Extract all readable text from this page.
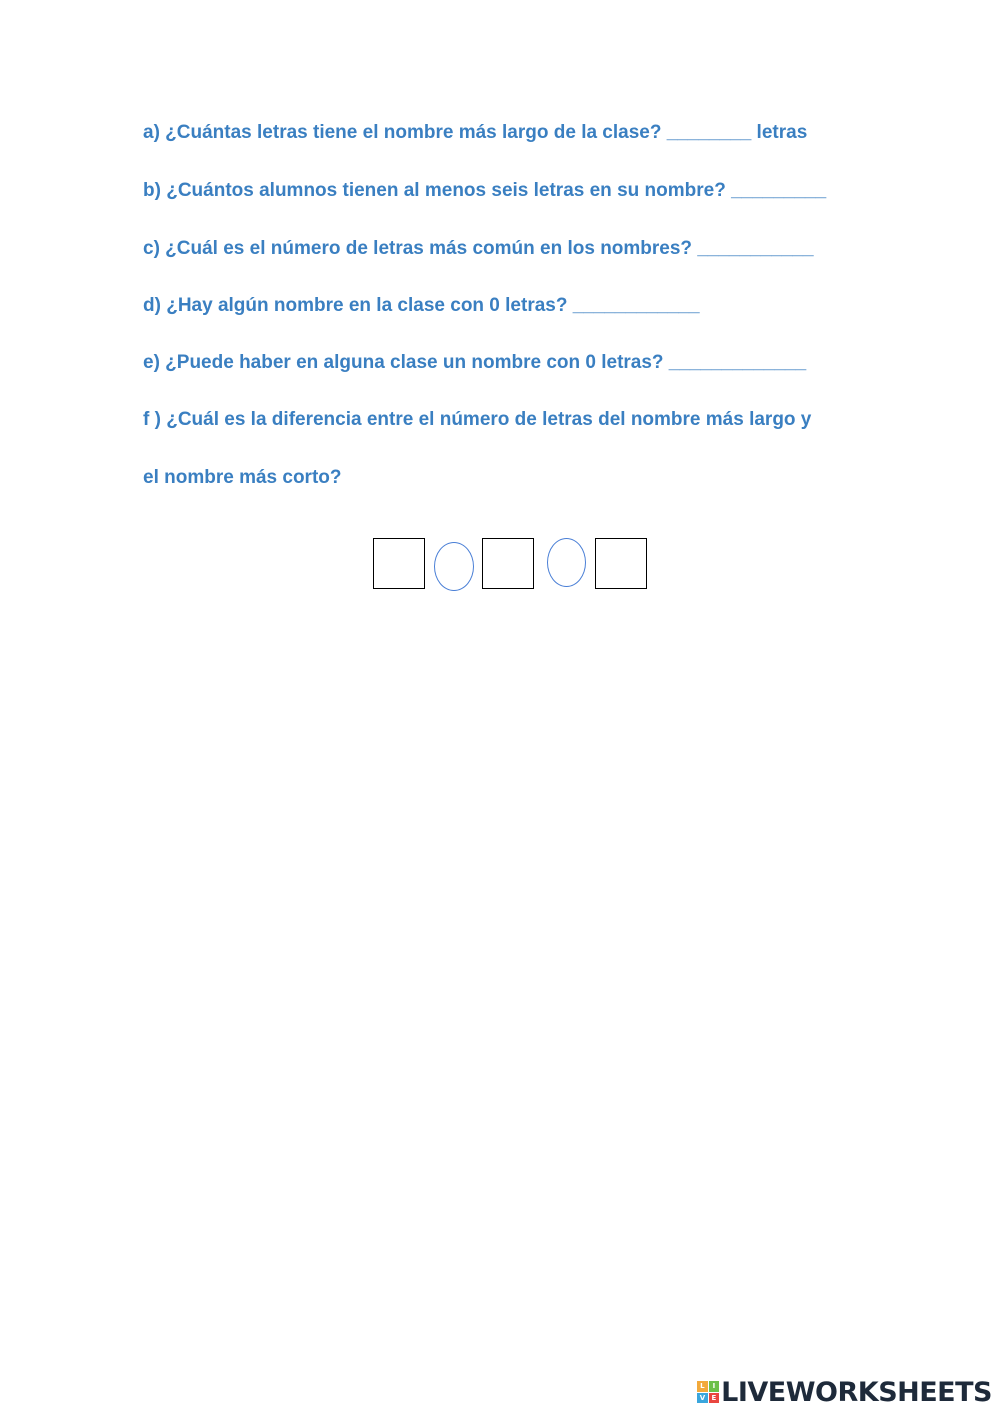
a) ¿Cuántas letras tiene el nombre más largo de la clase? ________ letras

b) ¿Cuántos alumnos tienen al menos seis letras en su nombre? _________

c) ¿Cuál es el número de letras más común en los nombres? ___________

d) ¿Hay algún nombre en la clase con 0 letras? ____________

e) ¿Puede haber en alguna clase un nombre con 0 letras? _____________

f ) ¿Cuál es la diferencia entre el número de letras del nombre más largo y

el nombre más corto?

L	I
V E LIVEWORKSHEETS
